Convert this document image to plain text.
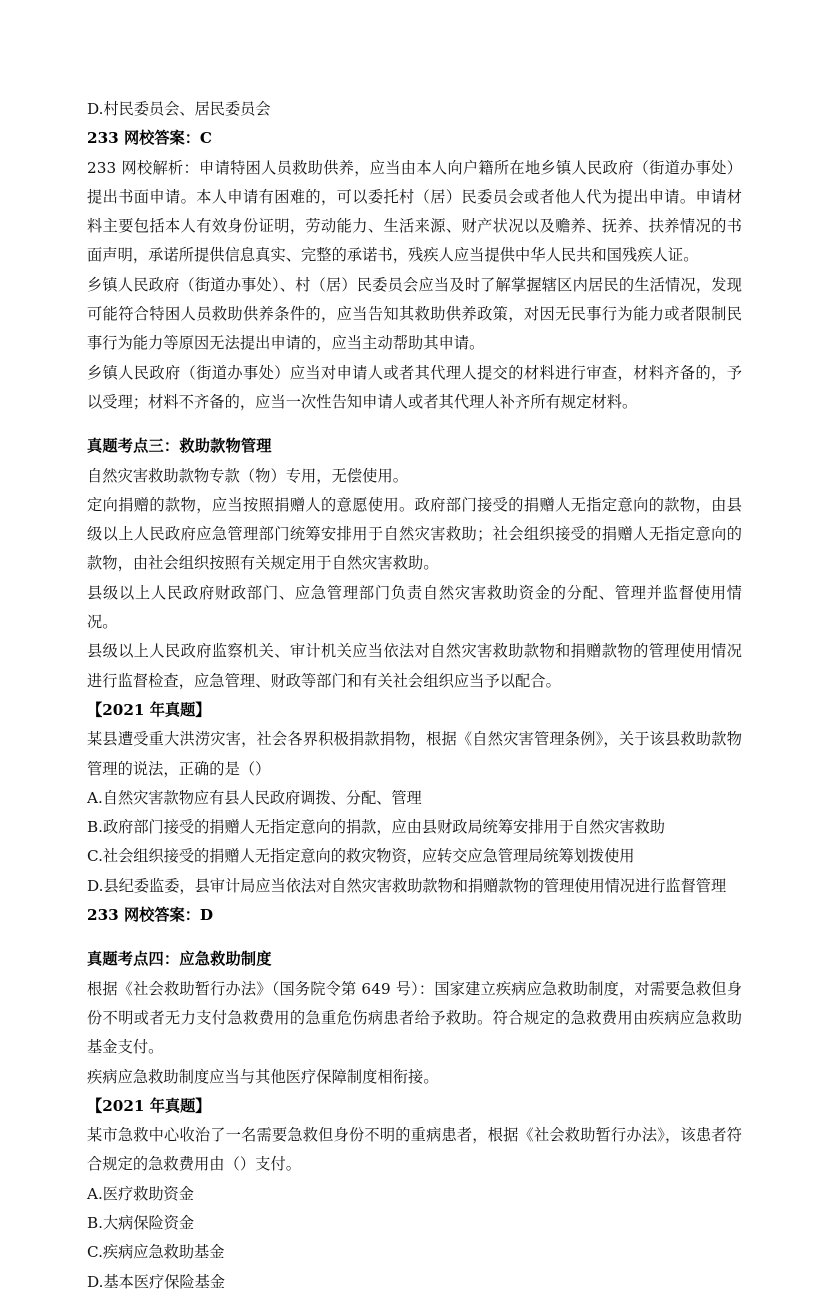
D.村民委员会、居民委员会

233 网校答案：C

233 网校解析：申请特困人员救助供养，应当由本人向户籍所在地乡镇人民政府（街道办事处）提出书面申请。本人申请有困难的，可以委托村（居）民委员会或者他人代为提出申请。申请材料主要包括本人有效身份证明，劳动能力、生活来源、财产状况以及赡养、抚养、扶养情况的书面声明，承诺所提供信息真实、完整的承诺书，残疾人应当提供中华人民共和国残疾人证。

乡镇人民政府（街道办事处）、村（居）民委员会应当及时了解掌握辖区内居民的生活情况，发现可能符合特困人员救助供养条件的，应当告知其救助供养政策，对因无民事行为能力或者限制民事行为能力等原因无法提出申请的，应当主动帮助其申请。

乡镇人民政府（街道办事处）应当对申请人或者其代理人提交的材料进行审查，材料齐备的，予以受理；材料不齐备的，应当一次性告知申请人或者其代理人补齐所有规定材料。

真题考点三：救助款物管理

自然灾害救助款物专款（物）专用，无偿使用。

定向捐赠的款物，应当按照捐赠人的意愿使用。政府部门接受的捐赠人无指定意向的款物，由县级以上人民政府应急管理部门统筹安排用于自然灾害救助；社会组织接受的捐赠人无指定意向的款物，由社会组织按照有关规定用于自然灾害救助。

县级以上人民政府财政部门、应急管理部门负责自然灾害救助资金的分配、管理并监督使用情况。

县级以上人民政府监察机关、审计机关应当依法对自然灾害救助款物和捐赠款物的管理使用情况进行监督检查，应急管理、财政等部门和有关社会组织应当予以配合。

【2021 年真题】

某县遭受重大洪涝灾害，社会各界积极捐款捐物，根据《自然灾害管理条例》，关于该县救助款物管理的说法，正确的是（）

A.自然灾害款物应有县人民政府调拨、分配、管理

B.政府部门接受的捐赠人无指定意向的捐款，应由县财政局统筹安排用于自然灾害救助

C.社会组织接受的捐赠人无指定意向的救灾物资，应转交应急管理局统筹划拨使用

D.县纪委监委，县审计局应当依法对自然灾害救助款物和捐赠款物的管理使用情况进行监督管理

233 网校答案：D

真题考点四：应急救助制度

根据《社会救助暂行办法》（国务院令第 649 号）：国家建立疾病应急救助制度，对需要急救但身份不明或者无力支付急救费用的急重危伤病患者给予救助。符合规定的急救费用由疾病应急救助基金支付。

疾病应急救助制度应当与其他医疗保障制度相衔接。

【2021 年真题】

某市急救中心收治了一名需要急救但身份不明的重病患者，根据《社会救助暂行办法》，该患者符合规定的急救费用由（）支付。

A.医疗救助资金

B.大病保险资金

C.疾病应急救助基金

D.基本医疗保险基金
